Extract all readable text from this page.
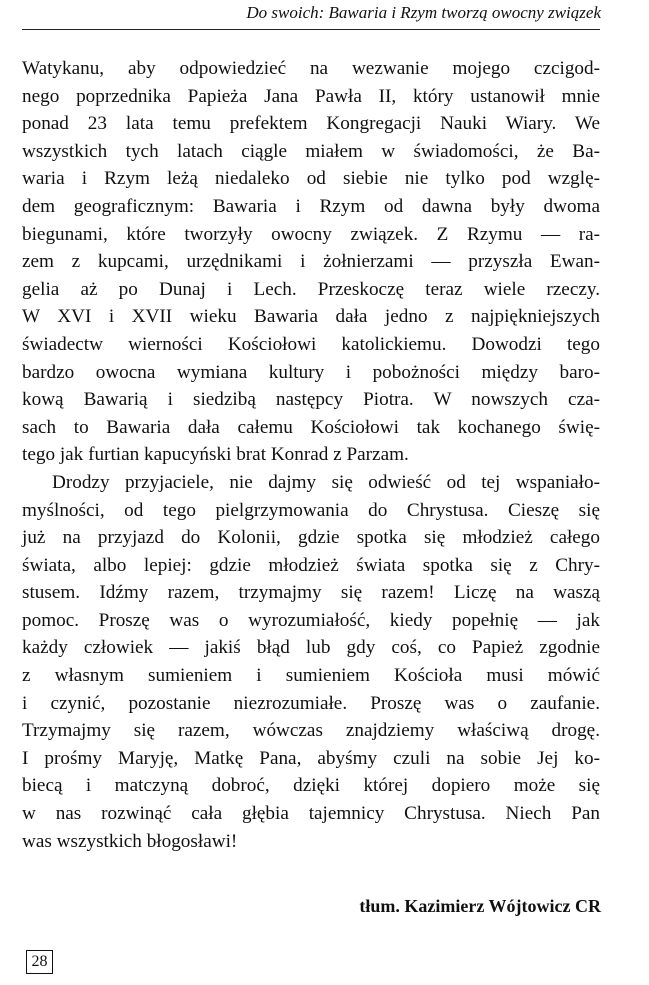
Do swoich: Bawaria i Rzym tworzą owocny związek

Watykanu, aby odpowiedzieć na wezwanie mojego czcigod-
nego poprzednika Papieża Jana Pawła II, który ustanowił mnie
ponad 23 lata temu prefektem Kongregacji Nauki Wiary. We
wszystkich tych latach ciągle miałem w świadomości, że Ba-
waria i Rzym leżą niedaleko od siebie nie tylko pod wzglę-
dem geograficznym: Bawaria i Rzym od dawna były dwoma
biegunami, które tworzyły owocny związek. Z Rzymu — ra-
zem z kupcami, urzędnikami i żołnierzami — przyszła Ewan-
gelia aż po Dunaj i Lech. Przeskoczę teraz wiele rzeczy.
W XVI i XVII wieku Bawaria dała jedno z najpiękniejszych
świadectw wierności Kościołowi katolickiemu. Dowodzi tego
bardzo owocna wymiana kultury i pobożności między baro-
kową Bawarią i siedzibą następcy Piotra. W nowszych cza-
sach to Bawaria dała całemu Kościołowi tak kochanego świę-
tego jak furtian kapucyński brat Konrad z Parzam.

Drodzy przyjaciele, nie dajmy się odwieść od tej wspaniało-
myślności, od tego pielgrzymowania do Chrystusa. Cieszę się
już na przyjazd do Kolonii, gdzie spotka się młodzież całego
świata, albo lepiej: gdzie młodzież świata spotka się z Chry-
stusem. Idźmy razem, trzymajmy się razem! Liczę na waszą
pomoc. Proszę was o wyrozumiałość, kiedy popełnię — jak
każdy człowiek — jakiś błąd lub gdy coś, co Papież zgodnie
z własnym sumieniem i sumieniem Kościoła musi mówić
i czynić, pozostanie niezrozumiałe. Proszę was o zaufanie.
Trzymajmy się razem, wówczas znajdziemy właściwą drogę.
I prośmy Maryję, Matkę Pana, abyśmy czuli na sobie Jej ko-
biecą i matczyną dobroć, dzięki której dopiero może się
w nas rozwinąć cała głębia tajemnicy Chrystusa. Niech Pan
was wszystkich błogosławi!

tłum. Kazimierz Wójtowicz CR
28
